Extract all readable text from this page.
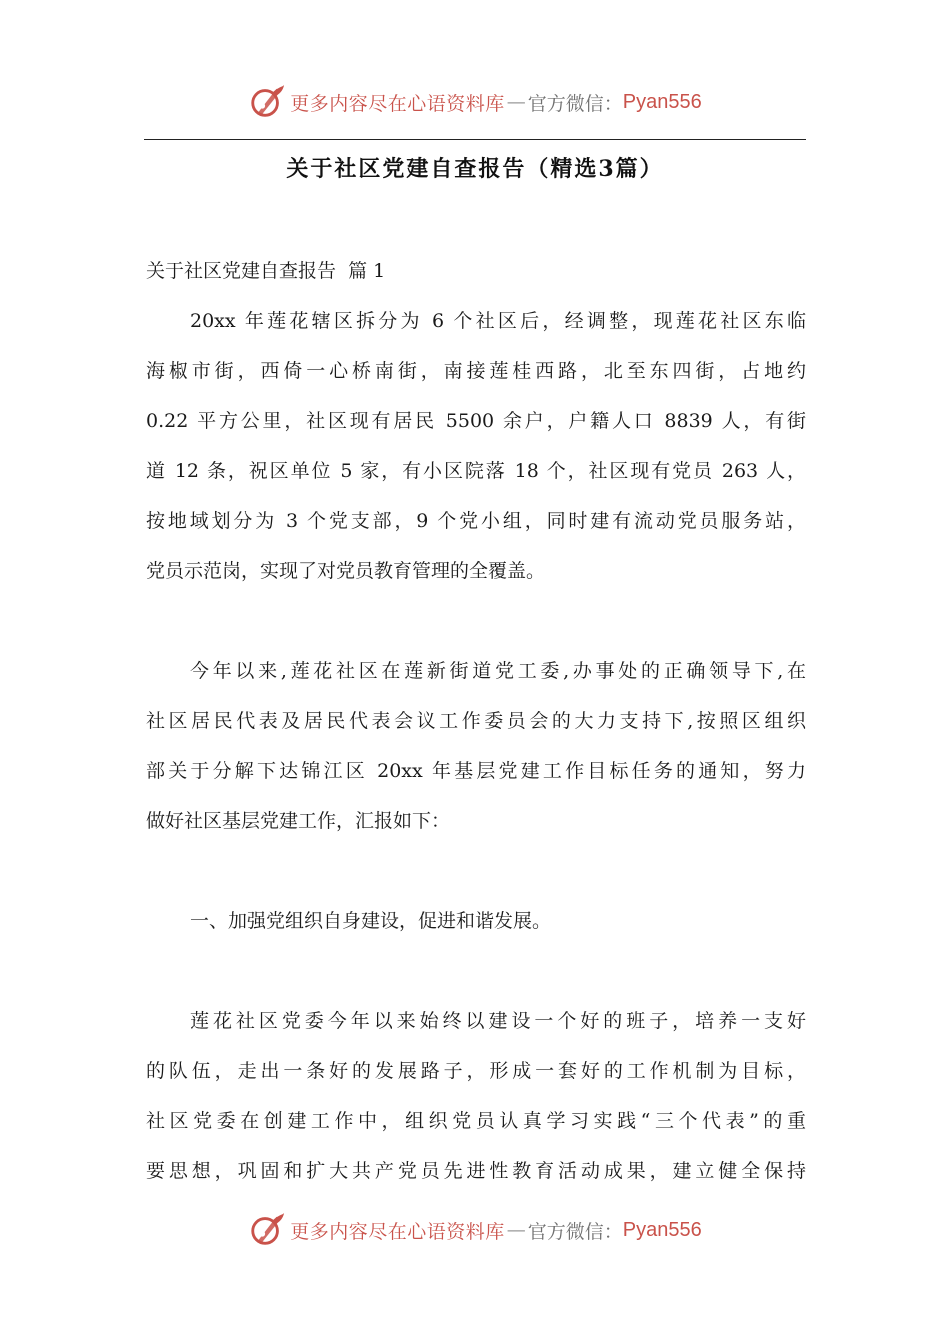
更多内容尽在心语资料库 — 官方微信： Pyan556
关于社区党建自查报告（精选3篇）
关于社区党建自查报告  篇 1
20xx 年莲花辖区拆分为 6 个社区后，经调整，现莲花社区东临
海椒市街，西倚一心桥南街，南接莲桂西路，北至东四街，占地约
0.22 平方公里，社区现有居民 5500 余户，户籍人口 8839 人，有街
道 12 条，祝区单位 5 家，有小区院落 18 个，社区现有党员 263 人，
按地域划分为 3 个党支部，9 个党小组，同时建有流动党员服务站，
党员示范岗，实现了对党员教育管理的全覆盖。
今年以来,莲花社区在莲新街道党工委,办事处的正确领导下,在
社区居民代表及居民代表会议工作委员会的大力支持下,按照区组织
部关于分解下达锦江区 20xx 年基层党建工作目标任务的通知，努力
做好社区基层党建工作，汇报如下：
一、加强党组织自身建设，促进和谐发展。
莲花社区党委今年以来始终以建设一个好的班子，培养一支好
的队伍，走出一条好的发展路子，形成一套好的工作机制为目标，
社区党委在创建工作中，组织党员认真学习实践“三个代表”的重
要思想，巩固和扩大共产党员先进性教育活动成果，建立健全保持
更多内容尽在心语资料库 — 官方微信： Pyan556
